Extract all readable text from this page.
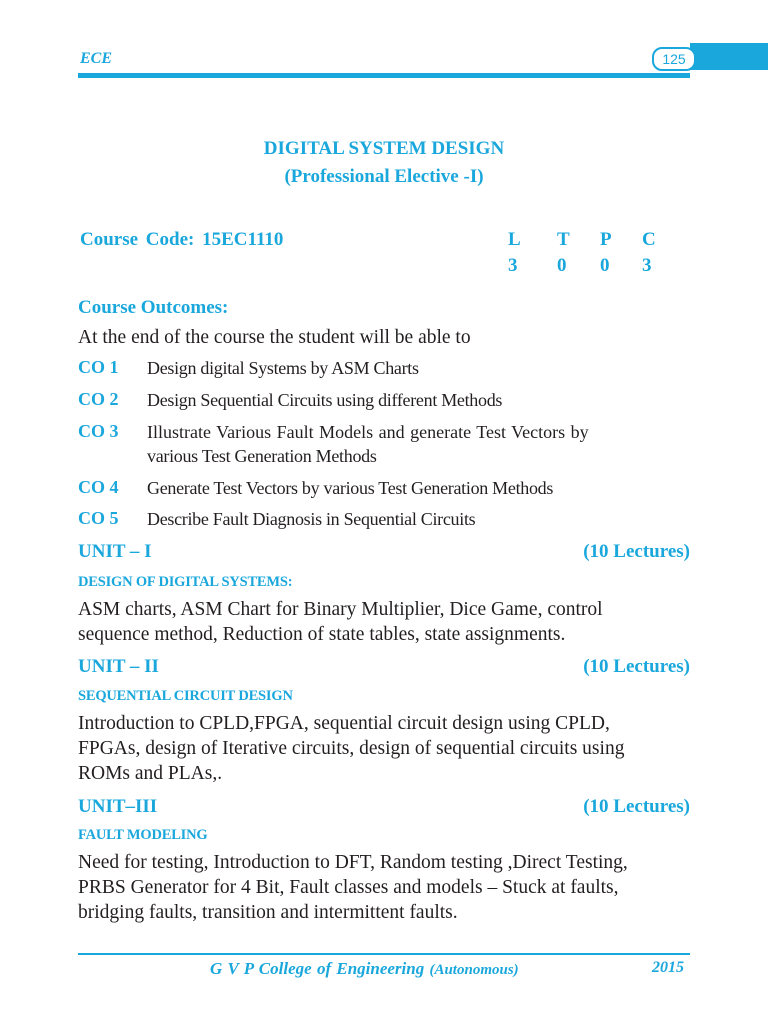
ECE	125
DIGITAL SYSTEM DESIGN
(Professional Elective -I)
Course Code: 15EC1110	L	T	P	C
3	0	0	3
Course Outcomes:
At the end of the course the student will be able to
CO 1 Design digital Systems by ASM Charts
CO 2 Design Sequential Circuits using different Methods
CO 3 Illustrate Various Fault Models and generate Test Vectors by
various Test Generation Methods
CO 4 Generate Test Vectors by various Test Generation Methods
CO 5 Describe Fault Diagnosis in Sequential Circuits
UNIT – I	(10 Lectures)
DESIGN OF DIGITAL SYSTEMS:
ASM charts, ASM Chart for Binary Multiplier, Dice Game, control
sequence method, Reduction of state tables, state assignments.
UNIT – II	(10 Lectures)
SEQUENTIAL CIRCUIT DESIGN
Introduction to CPLD,FPGA, sequential circuit design using CPLD,
FPGAs, design of Iterative circuits, design of sequential circuits using
ROMs and PLAs,.
UNIT–III	(10 Lectures)
FAULT MODELING
Need for testing, Introduction to DFT, Random testing ,Direct Testing,
PRBS Generator for 4 Bit, Fault classes and models – Stuck at faults,
bridging faults, transition and intermittent faults.
G V P College of Engineering (Autonomous)	2015
